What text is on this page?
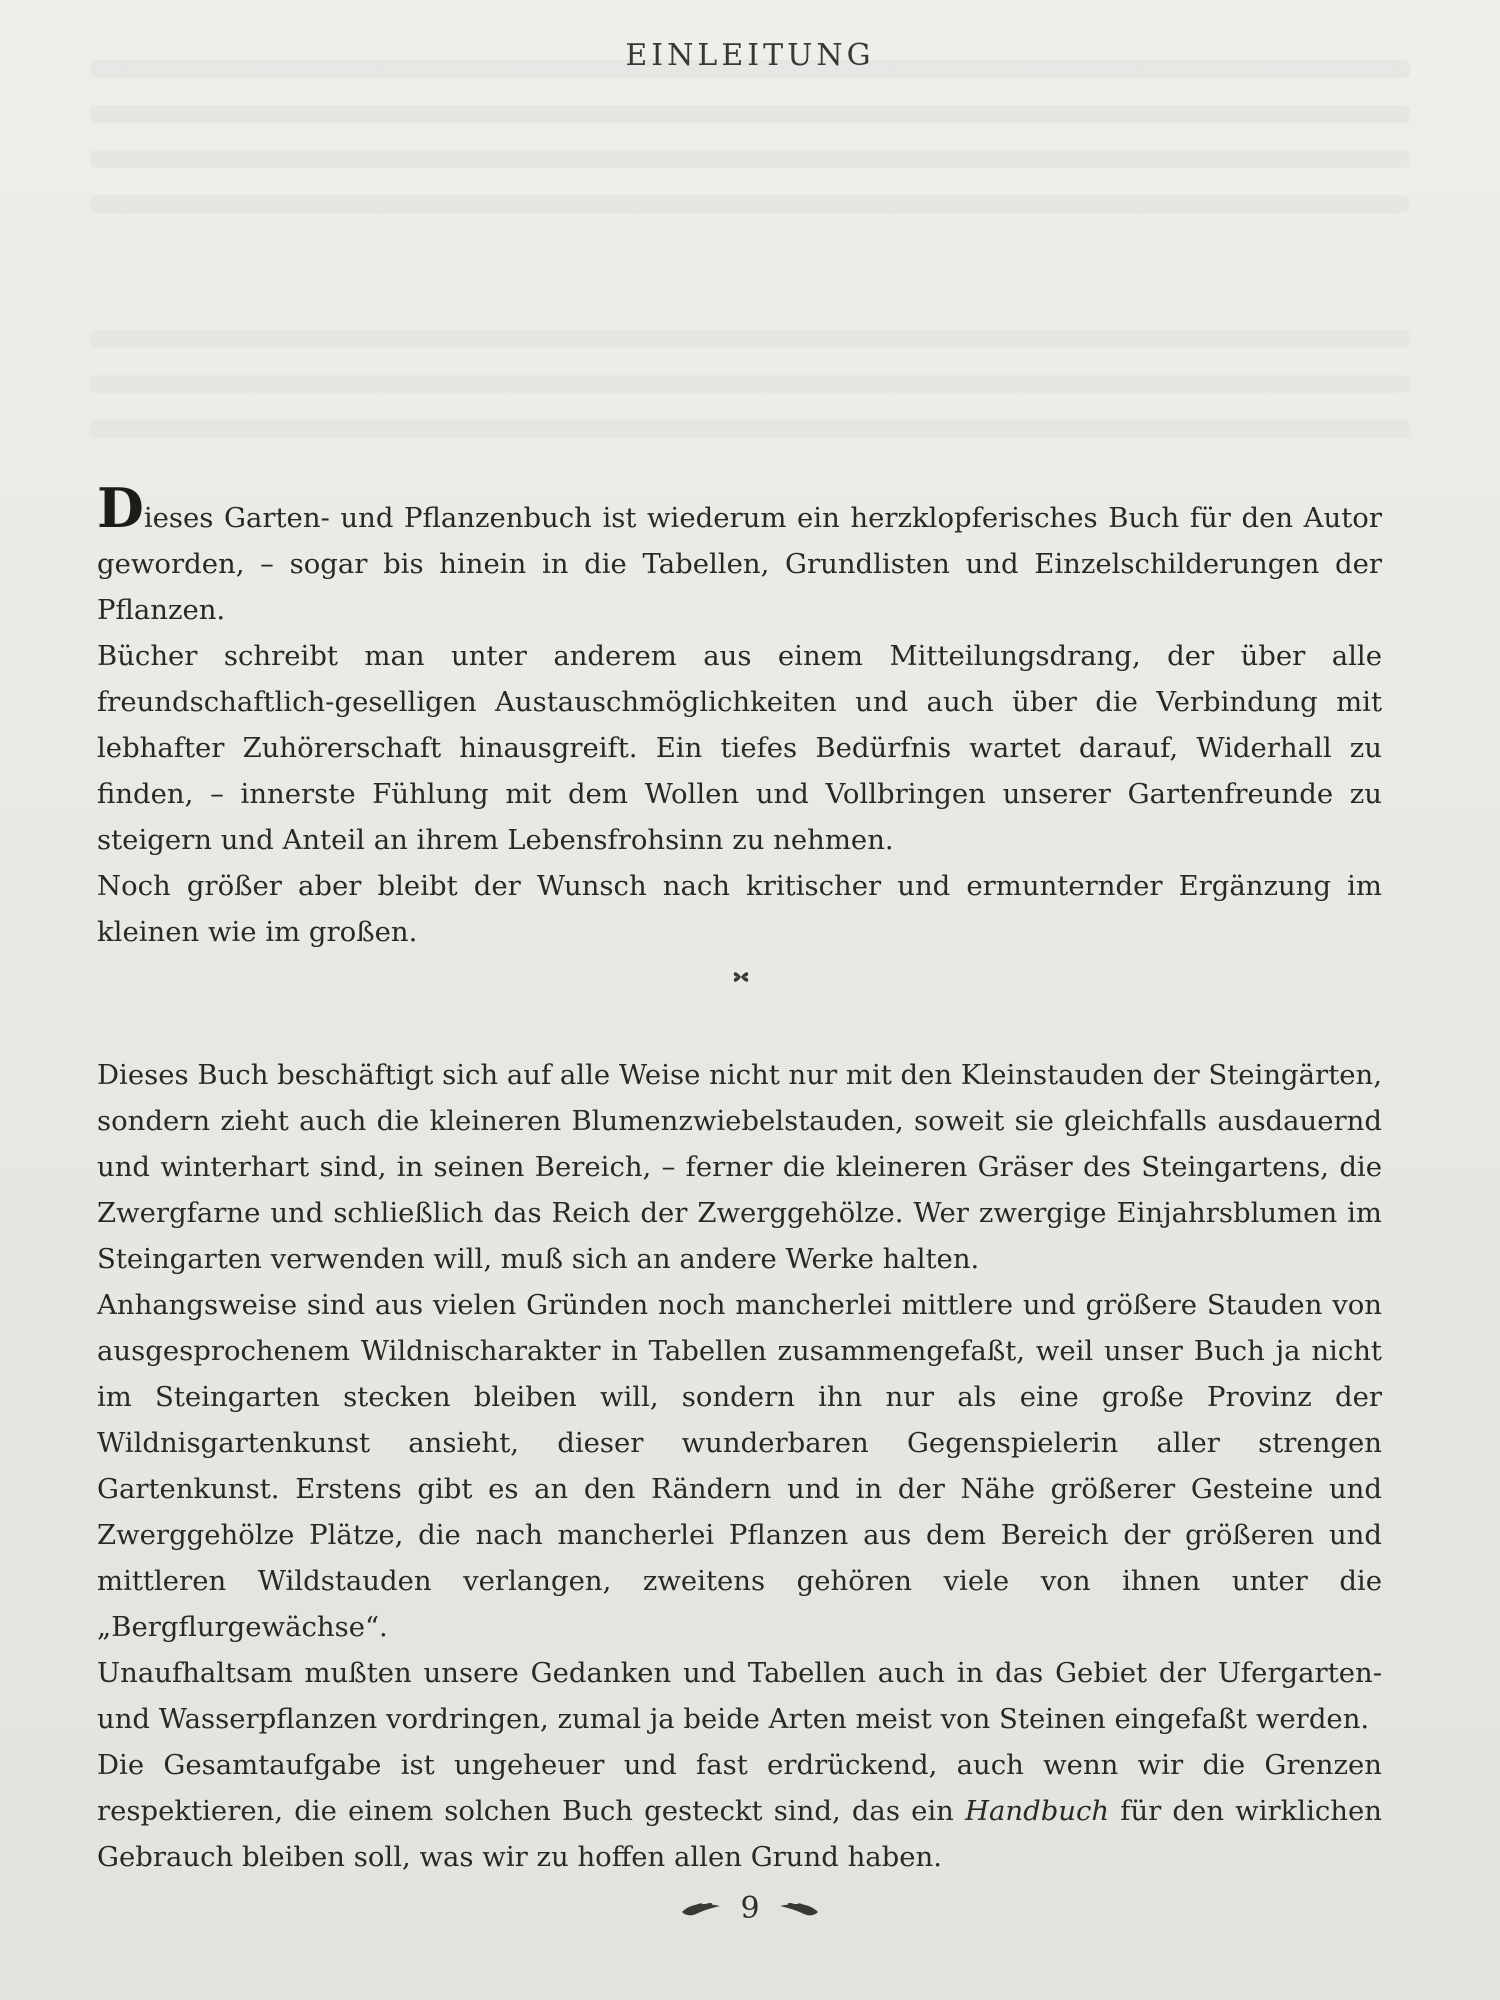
EINLEITUNG

Dieses Garten- und Pflanzenbuch ist wiederum ein herzklopferisches Buch für den Autor geworden, – sogar bis hinein in die Tabellen, Grundlisten und Einzelschilderungen der Pflanzen.

Bücher schreibt man unter anderem aus einem Mitteilungsdrang, der über alle freundschaftlich-geselligen Austauschmöglichkeiten und auch über die Verbindung mit lebhafter Zuhörerschaft hinausgreift. Ein tiefes Bedürfnis wartet darauf, Widerhall zu finden, – innerste Fühlung mit dem Wollen und Vollbringen unserer Gartenfreunde zu steigern und Anteil an ihrem Lebensfrohsinn zu nehmen.

Noch größer aber bleibt der Wunsch nach kritischer und ermunternder Ergänzung im kleinen wie im großen.

Dieses Buch beschäftigt sich auf alle Weise nicht nur mit den Kleinstauden der Steingärten, sondern zieht auch die kleineren Blumenzwiebelstauden, soweit sie gleichfalls ausdauernd und winterhart sind, in seinen Bereich, – ferner die kleineren Gräser des Steingartens, die Zwergfarne und schließlich das Reich der Zwerggehölze. Wer zwergige Einjahrsblumen im Steingarten verwenden will, muß sich an andere Werke halten.

Anhangsweise sind aus vielen Gründen noch mancherlei mittlere und größere Stauden von ausgesprochenem Wildnischarakter in Tabellen zusammengefaßt, weil unser Buch ja nicht im Steingarten stecken bleiben will, sondern ihn nur als eine große Provinz der Wildnisgartenkunst ansieht, dieser wunderbaren Gegenspielerin aller strengen Gartenkunst. Erstens gibt es an den Rändern und in der Nähe größerer Gesteine und Zwerggehölze Plätze, die nach mancherlei Pflanzen aus dem Bereich der größeren und mittleren Wildstauden verlangen, zweitens gehören viele von ihnen unter die „Bergflurgewächse“.

Unaufhaltsam mußten unsere Gedanken und Tabellen auch in das Gebiet der Ufergarten- und Wasserpflanzen vordringen, zumal ja beide Arten meist von Steinen eingefaßt werden.

Die Gesamtaufgabe ist ungeheuer und fast erdrückend, auch wenn wir die Grenzen respektieren, die einem solchen Buch gesteckt sind, das ein Handbuch für den wirklichen Gebrauch bleiben soll, was wir zu hoffen allen Grund haben.

9
